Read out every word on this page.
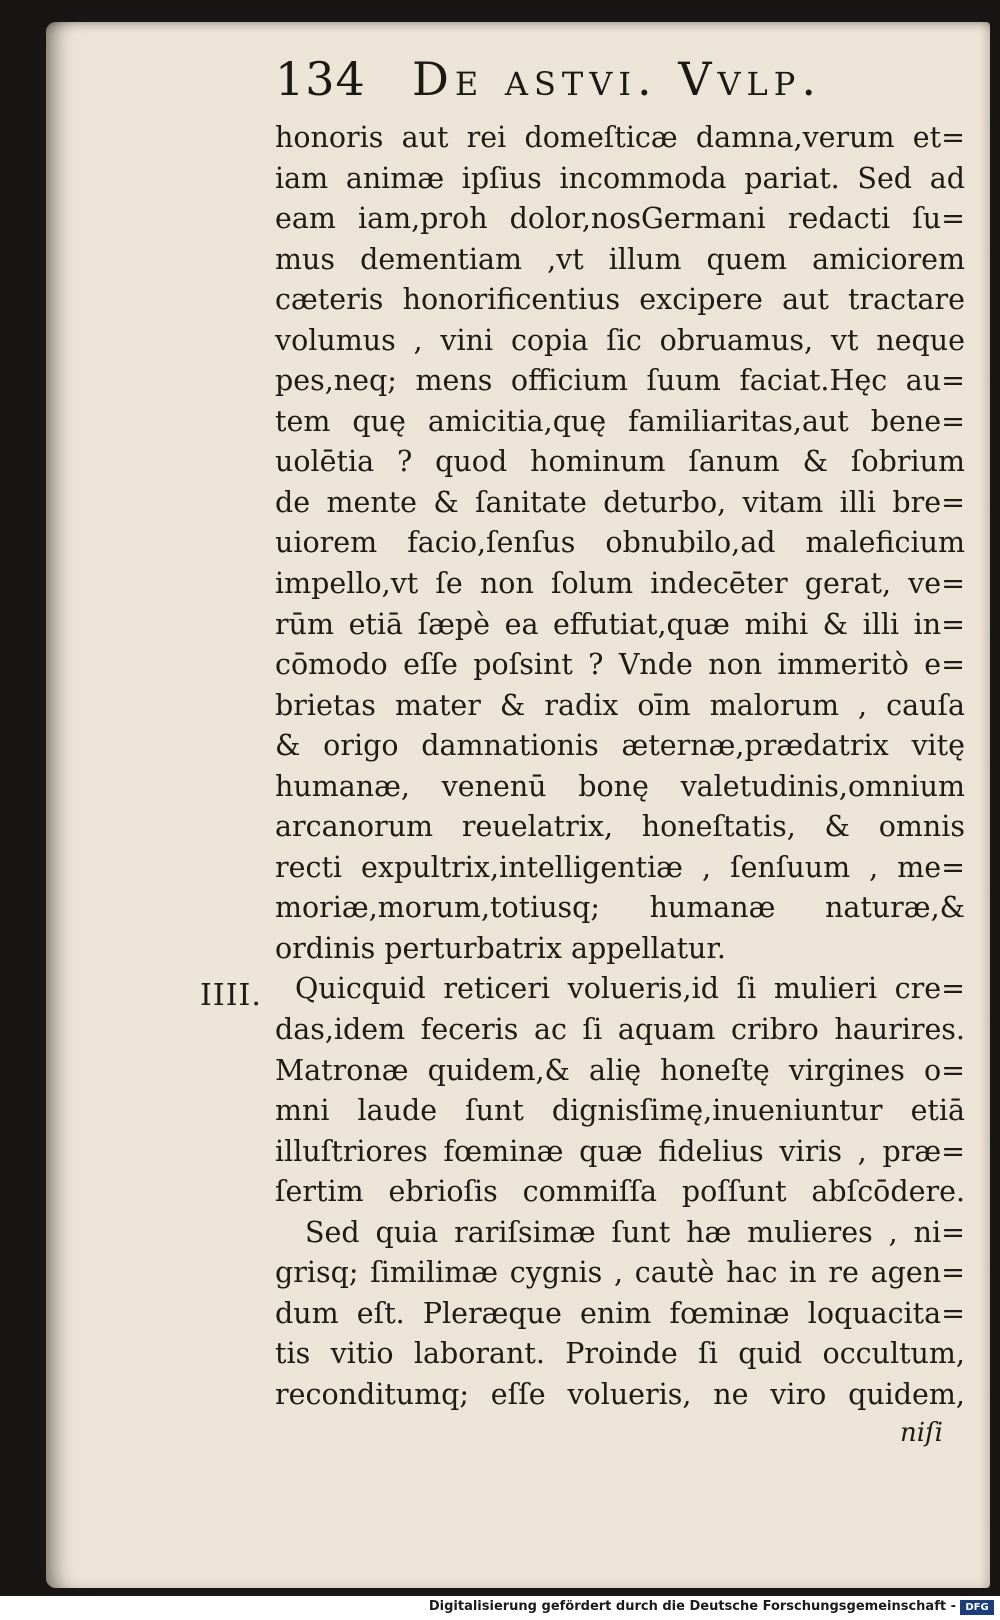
134 De astvi. Vvlp.
IIII.
honoris aut rei domeſticæ damna,verum et=
iam animæ ipſius incommoda pariat. Sed ad
eam iam,proh dolor,nosGermani redacti ſu=
mus dementiam ,vt illum quem amiciorem
cæteris honorificentius excipere aut tractare
volumus , vini copia ſic obruamus, vt neque
pes,neq; mens officium ſuum faciat.Hęc au=
tem quę amicitia,quę familiaritas,aut bene=
uolētia ? quod hominum ſanum & ſobrium
de mente & ſanitate deturbo, vitam illi bre=
uiorem facio,ſenſus obnubilo,ad maleficium
impello,vt ſe non ſolum indecēter gerat, ve=
rūm etiā ſæpè ea effutiat,quæ mihi & illi in=
cōmodo eſſe poſsint ? Vnde non immeritò e=
brietas mater & radix oīm malorum , cauſa
& origo damnationis æternæ,prædatrix vitę
humanæ, venenū bonę valetudinis,omnium
arcanorum reuelatrix, honeſtatis, & omnis
recti expultrix,intelligentiæ , ſenſuum , me=
moriæ,morum,totiusq; humanæ naturæ,&
ordinis perturbatrix appellatur.
Quicquid reticeri volueris,id ſi mulieri cre=
das,idem feceris ac ſi aquam cribro haurires.
Matronæ quidem,& alię honeſtę virgines o=
mni laude ſunt dignisſimę,inueniuntur etiā
illuſtriores fœminæ quæ fidelius viris , præ=
ſertim ebrioſis commiſſa poſſunt abſcōdere.
Sed quia rariſsimæ ſunt hæ mulieres , ni=
grisq; ſimilimæ cygnis , cautè hac in re agen=
dum eſt. Pleræque enim fœminæ loquacita=
tis vitio laborant. Proinde ſi quid occultum,
reconditumq; eſſe volueris, ne viro quidem,
niſi
Digitalisierung gefördert durch die Deutsche Forschungsgemeinschaft - DFG
